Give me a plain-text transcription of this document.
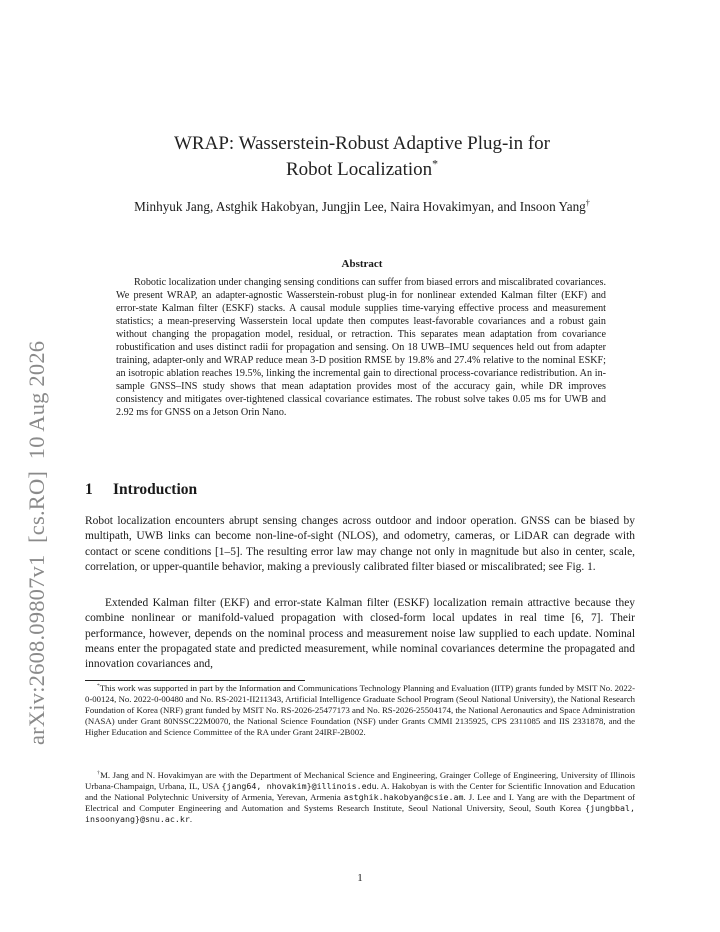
arXiv:2608.09807v1  [cs.RO]  10 Aug 2026
WRAP: Wasserstein-Robust Adaptive Plug-in for
Robot Localization*
Minhyuk Jang, Astghik Hakobyan, Jungjin Lee, Naira Hovakimyan, and Insoon Yang†
Abstract

Robotic localization under changing sensing conditions can suffer from biased errors and miscalibrated covariances. We present WRAP, an adapter-agnostic Wasserstein-robust plug-in for nonlinear extended Kalman filter (EKF) and error-state Kalman filter (ESKF) stacks. A causal module supplies time-varying effective process and measurement statistics; a mean-preserving Wasserstein local update then computes least-favorable covariances and a robust gain without changing the propagation model, residual, or retraction. This separates mean adaptation from covariance robustification and uses distinct radii for propagation and sensing. On 18 UWB–IMU sequences held out from adapter training, adapter-only and WRAP reduce mean 3-D position RMSE by 19.8% and 27.4% relative to the nominal ESKF; an isotropic ablation reaches 19.5%, linking the incremental gain to directional process-covariance redistribution. An in-sample GNSS–INS study shows that mean adaptation provides most of the accuracy gain, while DR improves consistency and mitigates over-tightened classical covariance estimates. The robust solve takes 0.05 ms for UWB and 2.92 ms for GNSS on a Jetson Orin Nano.

1 Introduction

Robot localization encounters abrupt sensing changes across outdoor and indoor operation. GNSS can be biased by multipath, UWB links can become non-line-of-sight (NLOS), and odometry, cameras, or LiDAR can degrade with contact or scene conditions [1–5]. The resulting error law may change not only in magnitude but also in center, scale, correlation, or upper-quantile behavior, making a previously calibrated filter biased or miscalibrated; see Fig. 1.

Extended Kalman filter (EKF) and error-state Kalman filter (ESKF) localization remain attractive because they combine nonlinear or manifold-valued propagation with closed-form local updates in real time [6, 7]. Their performance, however, depends on the nominal process and measurement noise law supplied to each update. Nominal means enter the propagated state and predicted measurement, while nominal covariances determine the propagated and innovation covariances and,

*This work was supported in part by the Information and Communications Technology Planning and Evaluation (IITP) grants funded by MSIT No. 2022-0-00124, No. 2022-0-00480 and No. RS-2021-II211343, Artificial Intelligence Graduate School Program (Seoul National University), the National Research Foundation of Korea (NRF) grant funded by MSIT No. RS-2026-25477173 and No. RS-2026-25504174, the National Aeronautics and Space Administration (NASA) under Grant 80NSSC22M0070, the National Science Foundation (NSF) under Grants CMMI 2135925, CPS 2311085 and IIS 2331878, and the Higher Education and Science Committee of the RA under Grant 24IRF-2B002.

†M. Jang and N. Hovakimyan are with the Department of Mechanical Science and Engineering, Grainger College of Engineering, University of Illinois Urbana-Champaign, Urbana, IL, USA {jang64, nhovakim}@illinois.edu. A. Hakobyan is with the Center for Scientific Innovation and Education and the National Polytechnic University of Armenia, Yerevan, Armenia astghik.hakobyan@csie.am. J. Lee and I. Yang are with the Department of Electrical and Computer Engineering and Automation and Systems Research Institute, Seoul National University, Seoul, South Korea {jungbbal, insoonyang}@snu.ac.kr.

1
